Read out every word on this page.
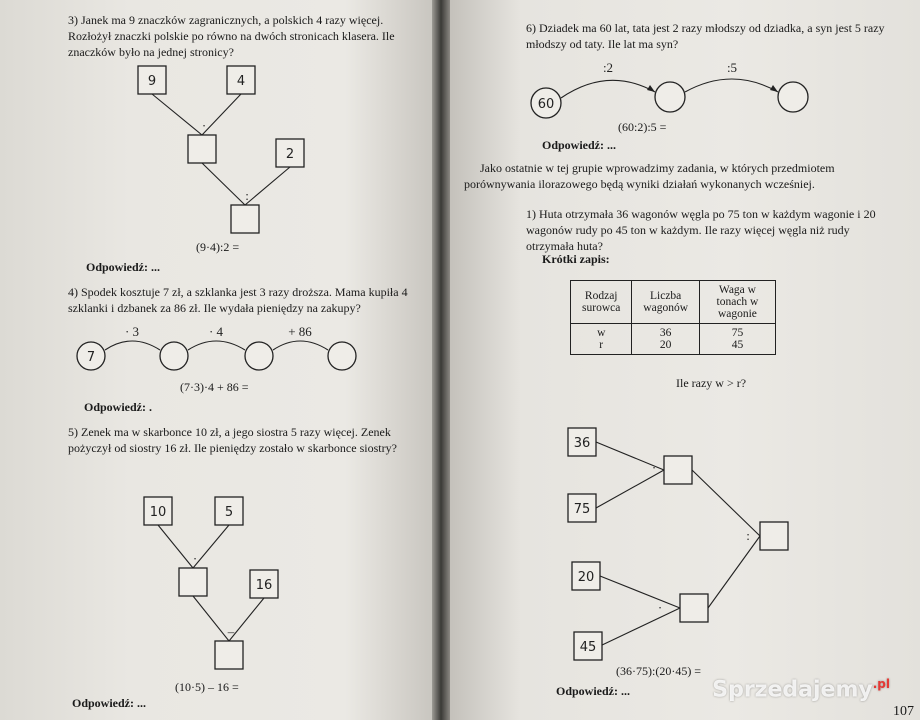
3) Janek ma 9 znaczków zagranicznych, a polskich 4 razy więcej. Rozłożył znaczki polskie po równo na dwóch stronicach klasera. Ile znaczków było na jednej stronicy?
9	4
2
·
:
7
· 3	· 4	+ 86
10	5
16
·
–
(9·4):2 =
Odpowiedź: ...
4) Spodek kosztuje 7 zł, a szklanka jest 3 razy droższa. Mama kupiła 4 szklanki i dzbanek za 86 zł. Ile wydała pieniędzy na zakupy?
(7·3)·4 + 86 =
Odpowiedź: .
5) Zenek ma w skarbonce 10 zł, a jego siostra 5 razy więcej. Zenek pożyczył od siostry 16 zł. Ile pieniędzy zostało w skarbonce siostry?
(10·5) – 16 =
Odpowiedź: ...
6) Dziadek ma 60 lat, tata jest 2 razy młodszy od dziadka, a syn jest 5 razy młodszy od taty. Ile lat ma syn?
60
:2	:5
36
75
20
45
·
·
:
(60:2):5 =
Odpowiedź: ...
Jako ostatnie w tej grupie wprowadzimy zadania, w których przedmiotem porównywania ilorazowego będą wyniki działań wykonanych wcześniej.
1) Huta otrzymała 36 wagonów węgla po 75 ton w każdym wagonie i 20 wagonów rudy po 45 ton w każdym. Ile razy więcej węgla niż rudy otrzymała huta?
Krótki zapis:
Rodzaj surowca	Liczba wagonów	Waga w tonach w wagonie
w	36	75
r	20	45
Ile razy w > r?
(36·75):(20·45) =
Odpowiedź: ...
107
Sprzedajemy$^{.pl}$
